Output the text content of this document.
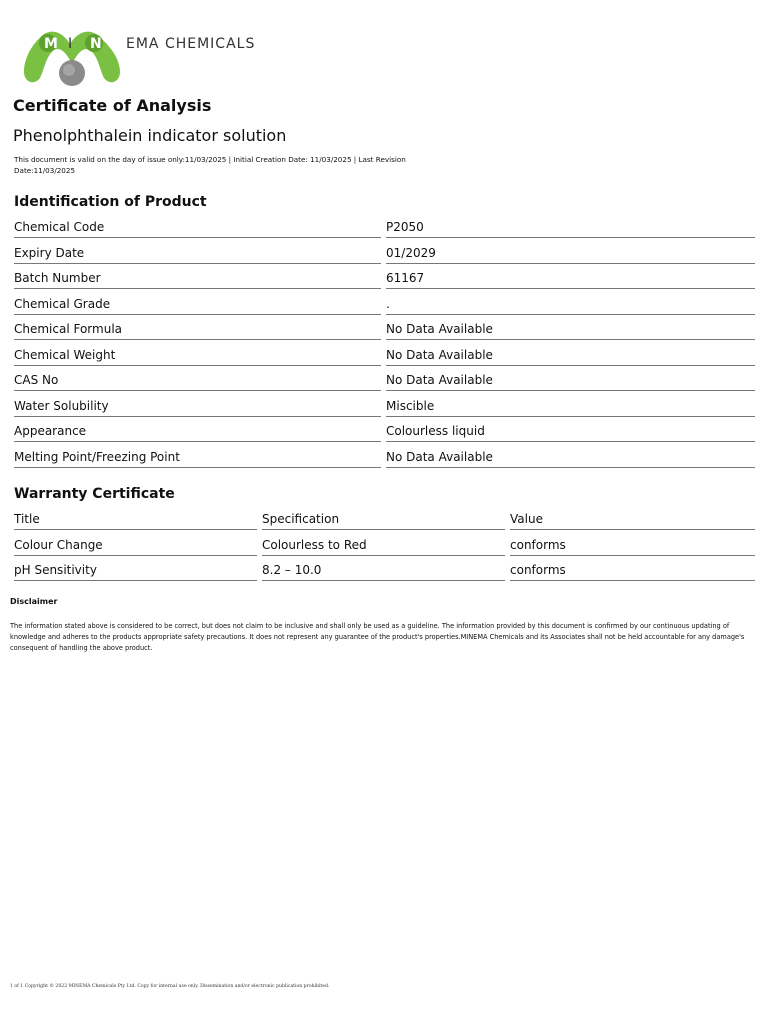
M I N EMA CHEMICALS
Certificate of Analysis
Phenolphthalein indicator solution
This document is valid on the day of issue only:11/03/2025 | Initial Creation Date: 11/03/2025 | Last Revision Date:11/03/2025
Identification of Product
Chemical Code	P2050
Expiry Date	01/2029
Batch Number	61167
Chemical Grade	.
Chemical Formula	No Data Available
Chemical Weight	No Data Available
CAS No	No Data Available
Water Solubility	Miscible
Appearance	Colourless liquid
Melting Point/Freezing Point	No Data Available
Warranty Certificate
Title	Specification	Value
Colour Change	Colourless to Red	conforms
pH Sensitivity	8.2 – 10.0	conforms
Disclaimer
The information stated above is considered to be correct, but does not claim to be inclusive and shall only be used as a guideline. The information provided by this document is confirmed by our continuous updating of knowledge and adheres to the products appropriate safety precautions. It does not represent any guarantee of the product's properties.MINEMA Chemicals and its Associates shall not be held accountable for any damage's consequent of handling the above product.
1 of 1 Copyright © 2022 MINEMA Chemicals Pty Ltd. Copy for internal use only. Dissemination and/or electronic publication prohibited.
